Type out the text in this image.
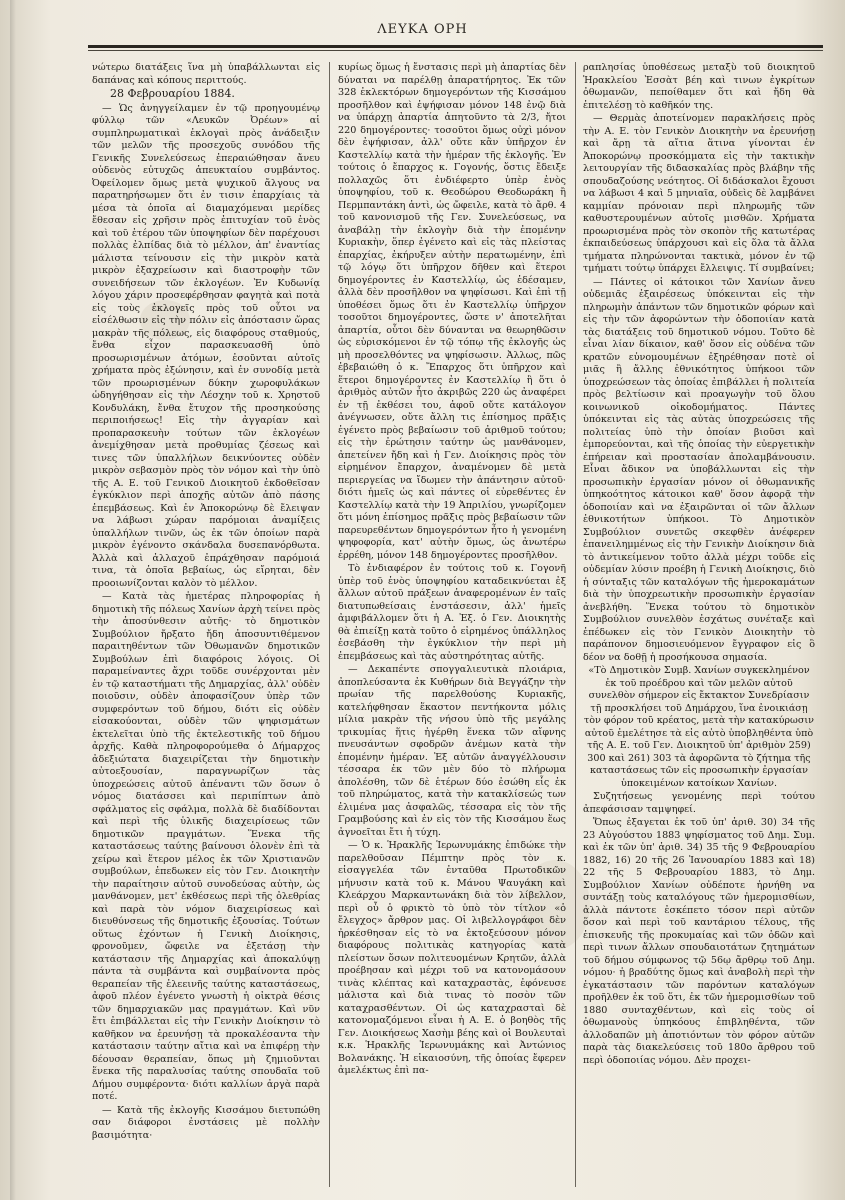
ΛΕΥΚΑ ΟΡΗ

νώτερω διατάξεις ἵνα μὴ ὑπαβάλλωνται εἰς δαπάνας καὶ κόπους περιττούς.

28 Φεβρουαρίου 1884.

— Ὡς ἀνηγγείλαμεν ἐν τῷ προηγουμένῳ φύλλῳ τῶν «Λευκῶν Ὀρέων» αἱ συμπληρωματικαὶ ἐκλογαὶ πρὸς ἀνάδειξιν τῶν μελῶν τῆς προσεχοῦς συνόδου τῆς Γενικῆς Συνελεύσεως ἐπεραιώθησαν ἄνευ οὐδενὸς εὐτυχῶς ἀπευκταίου συμβάντος. Ὀφείλομεν ὅμως μετὰ ψυχικοῦ ἄλγους να παρατηρήσωμεν ὅτι ἐν τισιν ἐπαρχίαις τὰ μέσα τὰ ὁποῖα αἱ διαμαχόμεναι μερίδες ἔθεσαν εἰς χρῆσιν πρὸς ἐπιτυχίαν τοῦ ἑνὸς καὶ τοῦ ἑτέρου τῶν ὑποψηφίων δὲν παρέχουσι πολλὰς ἐλπίδας διὰ τὸ μέλλον, ἀπ' ἐναντίας μάλιστα τείνουσιν εἰς τὴν μικρὸν κατὰ μικρὸν ἐξαχρείωσιν καὶ διαστροφὴν τῶν συνειδήσεων τῶν ἐκλογέων. Ἐν Κυδωνίᾳ λόγου χάριν προσεφέρθησαν φαγητὰ καὶ ποτὰ εἰς τοὺς ἐκλογεῖς πρὸς τοῦ οὗτοι να εἰσέλθωσιν εἰς τὴν πόλιν εἰς ἀπόστασιν ὥρας μακρὰν τῆς πόλεως, εἰς διαφόρους σταθμούς, ἔνθα εἶχον παρασκευασθῆ ὑπὸ προσωρισμένων ἀτόμων, ἐσοῦνται αὐτοῖς χρήματα πρὸς ἐξώνησιν, καὶ ἐν συνοδίᾳ μετὰ τῶν προωρισμένων δύκην χωροφυλάκων ὡδηγήθησαν εἰς τὴν Λέσχην τοῦ κ. Χρηστοῦ Κονδυλάκη, ἔνθα ἔτυχον τῆς προσηκούσης περιποιήσεως! Εἰς τὴν ἀγγαρίαν καὶ προπαρασκευὴν τούτων τῶν ἐκλογέων ἀνεμίχθησαν μετὰ προθυμίας ζέσεως καὶ τινες τῶν ὑπαλλήλων δεικνύοντες οὐδὲν μικρὸν σεβασμὸν πρὸς τὸν νόμον καὶ τὴν ὑπὸ τῆς Α. Ε. τοῦ Γενικοῦ Διοικητοῦ ἐκδοθεῖσαν ἐγκύκλιον περὶ ἀποχῆς αὐτῶν ἀπὸ πάσης ἐπεμβάσεως. Καὶ ἐν Ἀποκορώνῳ δὲ ἔλειψαν να λάβωσι χώραν παρόμοιαι ἀναμίξεις ὑπαλλήλων τινῶν, ὡς ἐκ τῶν ὁποίων παρὰ μικρὸν ἐγένοντο σκάνδαλα δυσεπανόρθωτα. Ἀλλὰ καὶ ἀλλαχοῦ ἐπράχθησαν παρόμοιά τινα, τὰ ὁποῖα βεβαίως, ὡς εἴρηται, δὲν προοιωνίζονται καλὸν τὸ μέλλον.

— Κατὰ τὰς ἡμετέρας πληροφορίας ἡ δημοτικὴ τῆς πόλεως Χανίων ἀρχὴ τείνει πρὸς τὴν ἀποσύνθεσιν αὐτῆς· τὸ δημοτικὸν Συμβούλιον ἤρξατο ἤδη ἀποσυντιθέμενον παραιτηθέντων τῶν Ὀθωμανῶν δημοτικῶν Συμβούλων ἐπὶ διαφόροις λόγοις. Οἱ παραμείναντες ἄχρι τοῦδε συνέρχονται μὲν ἐν τῷ καταστήματι τῆς Δημαρχίας, ἀλλ' οὐδὲν ποιοῦσιν, οὐδὲν ἀποφασίζουν ὑπὲρ τῶν συμφερόντων τοῦ δήμου, διότι εἰς οὐδὲν εἰσακούονται, οὐδὲν τῶν ψηφισμάτων ἐκτελεῖται ὑπὸ τῆς ἐκτελεστικῆς τοῦ δήμου ἀρχῆς. Καθὰ πληροφορούμεθα ὁ Δήμαρχος ἀδεξιώτατα διαχειρίζεται τὴν δημοτικὴν αὐτοεξουσίαν, παραγνωρίζων τὰς ὑποχρεώσεις αὐτοῦ ἀπέναντι τῶν ὅσων ὁ νόμος διατάσσει καὶ περιπίπτων ἀπὸ σφάλματος εἰς σφάλμα, πολλὰ δὲ διαδίδονται καὶ περὶ τῆς ὑλικῆς διαχειρίσεως τῶν δημοτικῶν πραγμάτων. Ἕνεκα τῆς καταστάσεως ταύτης βαίνουσι ὁλονὲν ἐπὶ τὰ χείρω καὶ ἕτερον μέλος ἐκ τῶν Χριστιανῶν συμβούλων, ἐπεδωκεν εἰς τὸν Γεν. Διοικητὴν τὴν παραίτησιν αὐτοῦ συνοδεύσας αὐτὴν, ὡς μανθάνομεν, μετ' ἐκθέσεως περὶ τῆς ὀλεθρίας καὶ παρὰ τὸν νόμον διαχειρίσεως καὶ διευθύνσεως τῆς δημοτικῆς ἐξουσίας. Τούτων οὕτως ἐχόντων ἡ Γενικὴ Διοίκησις, φρονοῦμεν, ὤφειλε να ἐξετάσῃ τὴν κατάστασιν τῆς Δημαρχίας καὶ ἀποκαλύψῃ πάντα τὰ συμβάντα καὶ συμβαίνοντα πρὸς θεραπείαν τῆς ἐλεεινῆς ταύτης καταστάσεως, ἀφοῦ πλέον ἐγένετο γνωστὴ ἡ οἰκτρὰ θέσις τῶν δημαρχιακῶν μας πραγμάτων. Καὶ νῦν ἔτι ἐπιβάλλεται εἰς τὴν Γενικὴν Διοίκησιν τὸ καθῆκον να ἐρευνήσῃ τὰ προκαλέσαντα τὴν κατάστασιν ταύτην αἴτια καὶ να ἐπιφέρῃ τὴν δέουσαν θεραπείαν, ὅπως μὴ ζημιοῦνται ἕνεκα τῆς παραλυσίας ταύτης σπουδαῖα τοῦ Δήμου συμφέροντα· διότι καλλίων ἀργὰ παρὰ ποτέ.

— Κατὰ τῆς ἐκλογῆς Κισσάμου διετυπώθη σαν διάφοροι ἐνστάσεις μὲ πολλὴν βασιμότητα·

κυρίως ὅμως ἡ ἔνστασις περὶ μὴ ἀπαρτίας δὲν δύναται να παρέλθῃ ἀπαρατήρητος. Ἐκ τῶν 328 ἐκλεκτόρων δημογερόντων τῆς Κισσάμου προσῆλθον καὶ ἐψήφισαν μόνον 148 ἐνῷ διὰ να ὑπάρχῃ ἀπαρτία ἀπητοῦντο τὰ 2/3, ἤτοι 220 δημογέροντες· τοσοῦτοι ὅμως οὐχὶ μόνον δὲν ἐψήφισαν, ἀλλ' οὔτε κἂν ὑπῆρχον ἐν Καστελλίῳ κατὰ τὴν ἡμέραν τῆς ἐκλογῆς. Ἐν τούτοις ὁ ἔπαρχος κ. Γογονής, ὅστις ἔδειξε πολλαχῶς ὅτι ἐνδιέφερτο ὑπὲρ ἑνὸς ὑποψηφίου, τοῦ κ. Θεοδώρου Θεοδωράκη ἢ Περμπαντάκη ἀντὶ, ὡς ὤφειλε, κατὰ τὸ ἄρθ. 4 τοῦ κανονισμοῦ τῆς Γεν. Συνελεύσεως, να ἀναβάλῃ τὴν ἐκλογὴν διὰ τὴν ἐπομένην Κυριακὴν, ὅπερ ἐγένετο καὶ εἰς τὰς πλείστας ἐπαρχίας, ἐκήρυξεν αὐτὴν περατωμένην, ἐπὶ τῷ λόγῳ ὅτι ὑπῆρχον δῆθεν καὶ ἕτεροι δημογέροντες ἐν Καστελλίῳ, ὡς ἐδέσαμεν, ἀλλὰ δὲν προσῆλθον να ψηφίσωσι. Καὶ ἐπὶ τῇ ὑποθέσει ὅμως ὅτι ἐν Καστελλίῳ ὑπῆρχον τοσοῦτοι δημογέροντες, ὥστε ν' ἀποτελῆται ἀπαρτία, οὗτοι δὲν δύνανται να θεωρηθῶσιν ὡς εὑρισκόμενοι ἐν τῷ τόπῳ τῆς ἐκλογῆς ὡς μὴ προσελθόντες να ψηφίσωσιν. Ἀλλως, πῶς ἐβεβαιώθη ὁ κ. Ἔπαρχος ὅτι ὑπῆρχον καὶ ἕτεροι δημογέροντες ἐν Καστελλίῳ ἢ ὅτι ὁ ἀριθμὸς αὐτῶν ἦτο ἀκριβῶς 220 ὡς ἀναφέρει ἐν τῇ ἐκθέσει του, ἀφοῦ οὔτε κατάλογον ἀνέγνωσεν, οὔτε ἄλλη τις ἐπίσημος πρᾶξις ἐγένετο πρὸς βεβαίωσιν τοῦ ἀριθμοῦ τούτου; εἰς τὴν ἐρώτησιν ταύτην ὡς μανθάνομεν, ἀπετείνεν ἤδη καὶ ἡ Γεν. Διοίκησις πρὸς τὸν εἰρημένον ἔπαρχον, ἀναμένομεν δὲ μετὰ περιεργείας να ἴδωμεν τὴν ἀπάντησιν αὐτοῦ· διότι ἡμεῖς ὡς καὶ πάντες οἱ εὑρεθέντες ἐν Καστελλίῳ κατὰ τὴν 19 Ἀπριλίου, γνωρίζομεν ὅτι μόνη ἐπίσημος πρᾶξις πρὸς βεβαίωσιν τῶν παρευρεθέντων δημογερόντων ἦτο ἡ γενομένη ψηφοφορία, κατ' αὐτὴν ὅμως, ὡς ἀνωτέρω ἐρρέθη, μόνον 148 δημογέροντες προσῆλθον.

Τὸ ἐνδιαφέρον ἐν τούτοις τοῦ κ. Γογονῆ ὑπὲρ τοῦ ἑνὸς ὑποψηφίου καταδεικνύεται ἐξ ἄλλων αὐτοῦ πράξεων ἀναφερομένων ἐν ταῖς διατυπωθείσαις ἐνστάσεσιν, ἀλλ' ἡμεῖς ἀμφιβάλλομεν ὅτι ἡ Α. Ἐξ. ὁ Γεν. Διοικητὴς θὰ ἐπιείξῃ κατὰ τοῦτο ὁ εἰρημένος ὑπάλληλος ἐσεβάσθη τὴν ἐγκύκλιον τὴν περὶ μὴ ἐπεμβάσεως καὶ τὰς αὐστηρότητας αὐτῆς.

— Δεκαπέντε σπογγαλιευτικὰ πλοιάρια, ἀποπλεύσαντα ἐκ Κυθήρων διὰ Βεγγάζην τὴν πρωίαν τῆς παρελθούσης Κυριακῆς, κατελήφθησαν ἕκαστον πεντήκοντα μόλις μίλια μακρὰν τῆς νήσου ὑπὸ τῆς μεγάλης τρικυμίας ἥτις ἠγέρθη ἕνεκα τῶν αἴφνης πνευσάντων σφοδρῶν ἀνέμων κατὰ τὴν ἑπομένην ἡμέραν. Ἐξ αὐτῶν ἀναγγέλλουσιν τέσσαρα ἐκ τῶν μὲν δύο τὸ πλήρωμα ἀπολέσθη, τῶν δὲ ἑτέρων δύο ἐσώθη εἷς ἐκ τοῦ πληρώματος, κατὰ τὴν κατακλίσεώς των ἐλιμένα μας ἀσφαλῶς, τέσσαρα εἰς τὸν τῆς Γραμβούσης καὶ ἐν εἰς τὸν τῆς Κισσάμου ἕως ἀγνοεῖται ἔτι ἡ τύχη.

— Ὁ κ. Ἡρακλῆς Ἱερωνυμάκης ἐπιδώκε τὴν παρελθοῦσαν Πέμπτην πρὸς τὸν κ. εἰσαγγελέα τῶν ἐνταῦθα Πρωτοδικῶν μήνυσιν κατὰ τοῦ κ. Μάνου Ψαυγάκη καὶ Κλεάρχου Μαρκαντωνάκη διὰ τὸν λίβελλον, περὶ οὗ ὁ φρικτὸ τὸ ὑπὸ τὸν τίτλον «ὁ ἔλεγχος» ἄρθρον μας. Οἱ λιβελλογράφοι δὲν ἠρκέσθησαν εἰς τὸ να ἐκτοξεύσουν μόνον διαφόρους πολιτικὰς κατηγορίας κατὰ πλείστων ὅσων πολιτευομένων Κρητῶν, ἀλλὰ προέβησαν καὶ μέχρι τοῦ να κατονομάσουν τινὰς κλέπτας καὶ καταχραστὰς, ἐφόνευσε μάλιστα καὶ διὰ τινας τὸ ποσὸν τῶν καταχρασθέντων. Οἱ ὡς καταχρασταὶ δὲ κατονομαζόμενοι εἶναι ἡ Α. Ε. ὁ βοηθὸς τῆς Γεν. Διοικήσεως Χασὴμ βέης καὶ οἱ Βουλευταὶ κ.κ. Ἡρακλῆς Ἱερωνυμάκης καὶ Ἀντώνιος Βολανάκης. Ἡ εἰκαιοσύνη, τῆς ὁποίας ἔφερεν ἀμελέκτως ἐπὶ πα-

ραπλησίας ὑποθέσεως μεταξὺ τοῦ διοικητοῦ Ἡρακλείου Ἐσσὰτ βέη καὶ τινων ἐγκρίτων ὀθωμανῶν, πεποίθαμεν ὅτι καὶ ἤδη θὰ ἐπιτελέσῃ τὸ καθῆκόν της.

— Θερμὰς ἀποτείνομεν παρακλήσεις πρὸς τὴν Α. Ε. τὸν Γενικὸν Διοικητὴν να ἐρευνήσῃ καὶ ἄρῃ τὰ αἴτια ἅτινα γίνονται ἐν Ἀποκορώνῳ προσκόμματα εἰς τὴν τακτικὴν λειτουργίαν τῆς διδασκαλίας πρὸς βλάβην τῆς σπουδαζούσης νεότητος. Οἱ διδάσκαλοι ἔχουσι να λάβωσι 4 καὶ 5 μηνιαῖα, οὐδεὶς δὲ λαμβάνει καμμίαν πρόνοιαν περὶ πληρωμῆς τῶν καθυστερουμένων αὐτοῖς μισθῶν. Χρήματα προωρισμένα πρὸς τὸν σκοπὸν τῆς κατωτέρας ἐκπαιδεύσεως ὑπάρχουσι καὶ εἰς ὅλα τὰ ἄλλα τμήματα πληρώνονται τακτικὰ, μόνον ἐν τῷ τμήματι τούτῳ ὑπάρχει ἔλλειψις. Τί συμβαίνει;

— Πάντες οἱ κάτοικοι τῶν Χανίων ἄνευ οὐδεμιᾶς ἐξαιρέσεως ὑπόκεινται εἰς τὴν πληρωμὴν ἁπάντων τῶν δημοτικῶν φόρων καὶ εἰς τὴν τῶν ἀφορώντων τὴν ὁδοποιίαν κατὰ τὰς διατάξεις τοῦ δημοτικοῦ νόμου. Τοῦτο δὲ εἶναι λίαν δίκαιον, καθ' ὅσον εἰς οὐδένα τῶν κρατῶν εὐνομουμένων ἐξηρέθησαν ποτὲ οἱ μιᾶς ἢ ἄλλης ἐθνικότητος ὑπήκοοι τῶν ὑποχρεώσεων τὰς ὁποίας ἐπιβάλλει ἡ πολιτεία πρὸς βελτίωσιν καὶ προαγωγὴν τοῦ ὅλου κοινωνικοῦ οἰκοδομήματος. Πάντες ὑπόκεινται εἰς τὰς αὐτὰς ὑποχρεώσεις τῆς πολιτείας ὑπὸ τὴν ὁποίαν βιοῦσι καὶ ἐμπορεύονται, καὶ τῆς ὁποίας τὴν εὐεργετικὴν ἐπήρειαν καὶ προστασίαν ἀπολαμβάνουσιν. Εἶναι ἄδικον να ὑποβάλλωνται εἰς τὴν προσωπικὴν ἐργασίαν μόνον οἱ ὀθωμανικῆς ὑπηκοότητος κάτοικοι καθ' ὅσον ἀφορᾷ τὴν ὁδοποιίαν καὶ να ἐξαιρῶνται οἱ τῶν ἄλλων ἐθνικοτήτων ὑπήκοοι. Τὸ Δημοτικὸν Συμβούλιον συνετῶς σκεφθὲν ἀνέφερεν ἐπανειλημμένως εἰς τὴν Γενικὴν Διοίκησιν διὰ τὸ ἀντικείμενον τοῦτο ἀλλὰ μέχρι τοῦδε εἰς οὐδεμίαν λύσιν προέβη ἡ Γενικὴ Διοίκησις, διὸ ἡ σύνταξις τῶν καταλόγων τῆς ἠμεροκαμάτων διὰ τὴν ὑποχρεωτικὴν προσωπικὴν ἐργασίαν ἀνεβλήθη. Ἕνεκα τούτου τὸ δημοτικὸν Συμβούλιον συνελθὸν ἐσχάτως συνέταξε καὶ ἐπέδωκεν εἰς τὸν Γενικὸν Διοικητὴν τὸ παράπονον δημοσιευόμενον ἔγγραφον εἰς ὃ δέον να δοθῇ ἡ προσήκουσα σημασία.

«Τὸ Δημοτικὸν Συμβ. Χανίων συγκεκλημένον ἐκ τοῦ προέδρου καὶ τῶν μελῶν αὐτοῦ συνελθὸν σήμερον εἰς ἔκτακτον Συνεδρίασιν τῇ προσκλήσει τοῦ Δημάρχου, ἵνα ἐνοικιάσῃ τὸν φόρον τοῦ κρέατος, μετὰ τὴν κατακύρωσιν αὐτοῦ ἐμελέτησε τὰ εἰς αὐτὸ ὑποβληθέντα ὑπὸ τῆς Α. Ε. τοῦ Γεν. Διοικητοῦ ὑπ' ἀριθμὸν 259) 300 καὶ 261) 303 τὰ ἀφορῶντα τὸ ζήτημα τῆς καταστάσεως τῶν εἰς προσωπικὴν ἐργασίαν ὑποκειμένων κατοίκων Χανίων.

Συζητήσεως γενομένης περὶ τούτου ἀπεφάσισαν ταμψηφεί.

Ὅπως ἐξαγεται ἐκ τοῦ ὑπ' ἀριθ. 30) 34 τῆς 23 Αὐγούστου 1883 ψηφίσματος τοῦ Δημ. Συμ. καὶ ἐκ τῶν ὑπ' ἀριθ. 34) 35 τῆς 9 Φεβρουαρίου 1882, 16) 20 τῆς 26 Ἰανουαρίου 1883 καὶ 18) 22 τῆς 5 Φεβρουαρίου 1883, τὸ Δημ. Συμβούλιον Χανίων οὐδέποτε ἠρνήθη να συντάξῃ τοὺς καταλόγους τῶν ἠμερομισθίων, ἀλλὰ πάντοτε ἐσκέπετο τόσον περὶ αὐτῶν ὅσον καὶ περὶ τοῦ καντάριου τέλους, τῆς ἐπισκευῆς τῆς προκυμαίας καὶ τῶν ὁδῶν καὶ περὶ τινων ἄλλων σπουδαιοτάτων ζητημάτων τοῦ δήμου σύμφωνος τῷ 56ῳ ἄρθρῳ τοῦ Δημ. νόμου· ἡ βραδύτης ὅμως καὶ ἀναβολὴ περὶ τὴν ἐγκατάστασιν τῶν παρόντων καταλόγων προῆλθεν ἐκ τοῦ ὅτι, ἐκ τῶν ἠμερομισθίων τοῦ 1880 συνταχθέντων, καὶ εἰς τοὺς οἱ ὀθωμανοὺς ὑπηκόους ἐπιβληθέντα, τῶν ἀλλοδαπῶν μὴ ἀποτιόντων τὸν φόρον αὐτῶν παρὰ τὰς διακελεύσεις τοῦ 180ο ἄρθρου τοῦ περὶ ὁδοποιίας νόμου. Δὲν προχει-
